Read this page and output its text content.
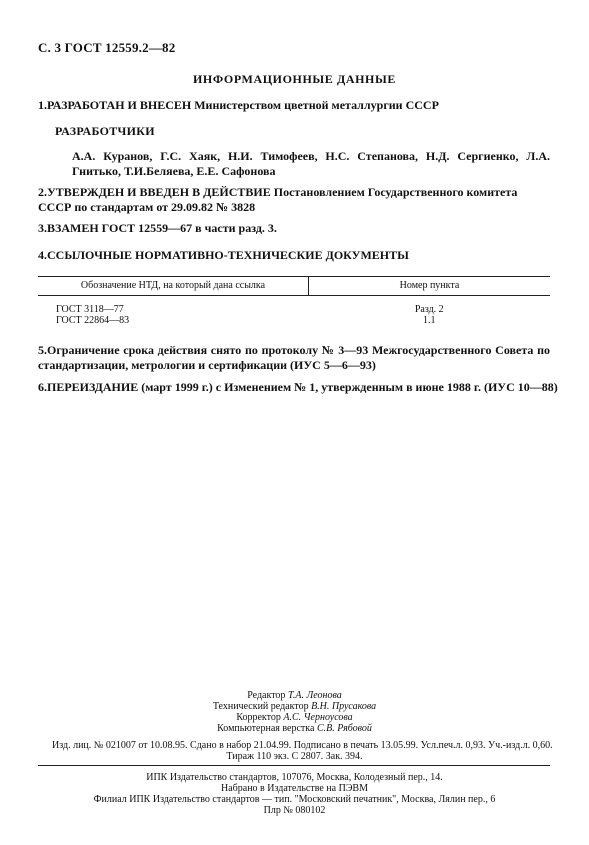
С. 3 ГОСТ 12559.2—82
ИНФОРМАЦИОННЫЕ ДАННЫЕ
1.РАЗРАБОТАН И ВНЕСЕН Министерством цветной металлургии СССР
РАЗРАБОТЧИКИ
А.А. Куранов, Г.С. Хаяк, Н.И. Тимофеев, Н.С. Степанова, Н.Д. Сергиенко, Л.А. Гнитько, Т.И.Беляева, Е.Е. Сафонова
2.УТВЕРЖДЕН И ВВЕДЕН В ДЕЙСТВИЕ Постановлением Государственного комитета СССР по стандартам от 29.09.82 № 3828
3.ВЗАМЕН ГОСТ 12559—67 в части разд. 3.
4.ССЫЛОЧНЫЕ НОРМАТИВНО-ТЕХНИЧЕСКИЕ ДОКУМЕНТЫ
Обозначение НТД, на который дана ссылка	Номер пункта
ГОСТ 3118—77	Разд. 2
ГОСТ 22864—83	1.1
5.Ограничение срока действия снято по протоколу № 3—93 Межгосударственного Совета по стандартизации, метрологии и сертификации (ИУС 5—6—93)
6.ПЕРЕИЗДАНИЕ (март 1999 г.) с Изменением № 1, утвержденным в июне 1988 г. (ИУС 10—88)
Редактор Т.А. Леонова
Технический редактор В.Н. Прусакова
Корректор А.С. Черноусова
Компьютерная верстка С.В. Рябовой
Изд. лиц. № 021007 от 10.08.95. Сдано в набор 21.04.99. Подписано в печать 13.05.99. Усл.печ.л. 0,93. Уч.-изд.л. 0,60.
Тираж 110 экз. С 2807. Зак. 394.
ИПК Издательство стандартов, 107076, Москва, Колодезный пер., 14.
Набрано в Издательстве на ПЭВМ
Филиал ИПК Издательство стандартов — тип. "Московский печатник", Москва, Лялин пер., 6
Плр № 080102
